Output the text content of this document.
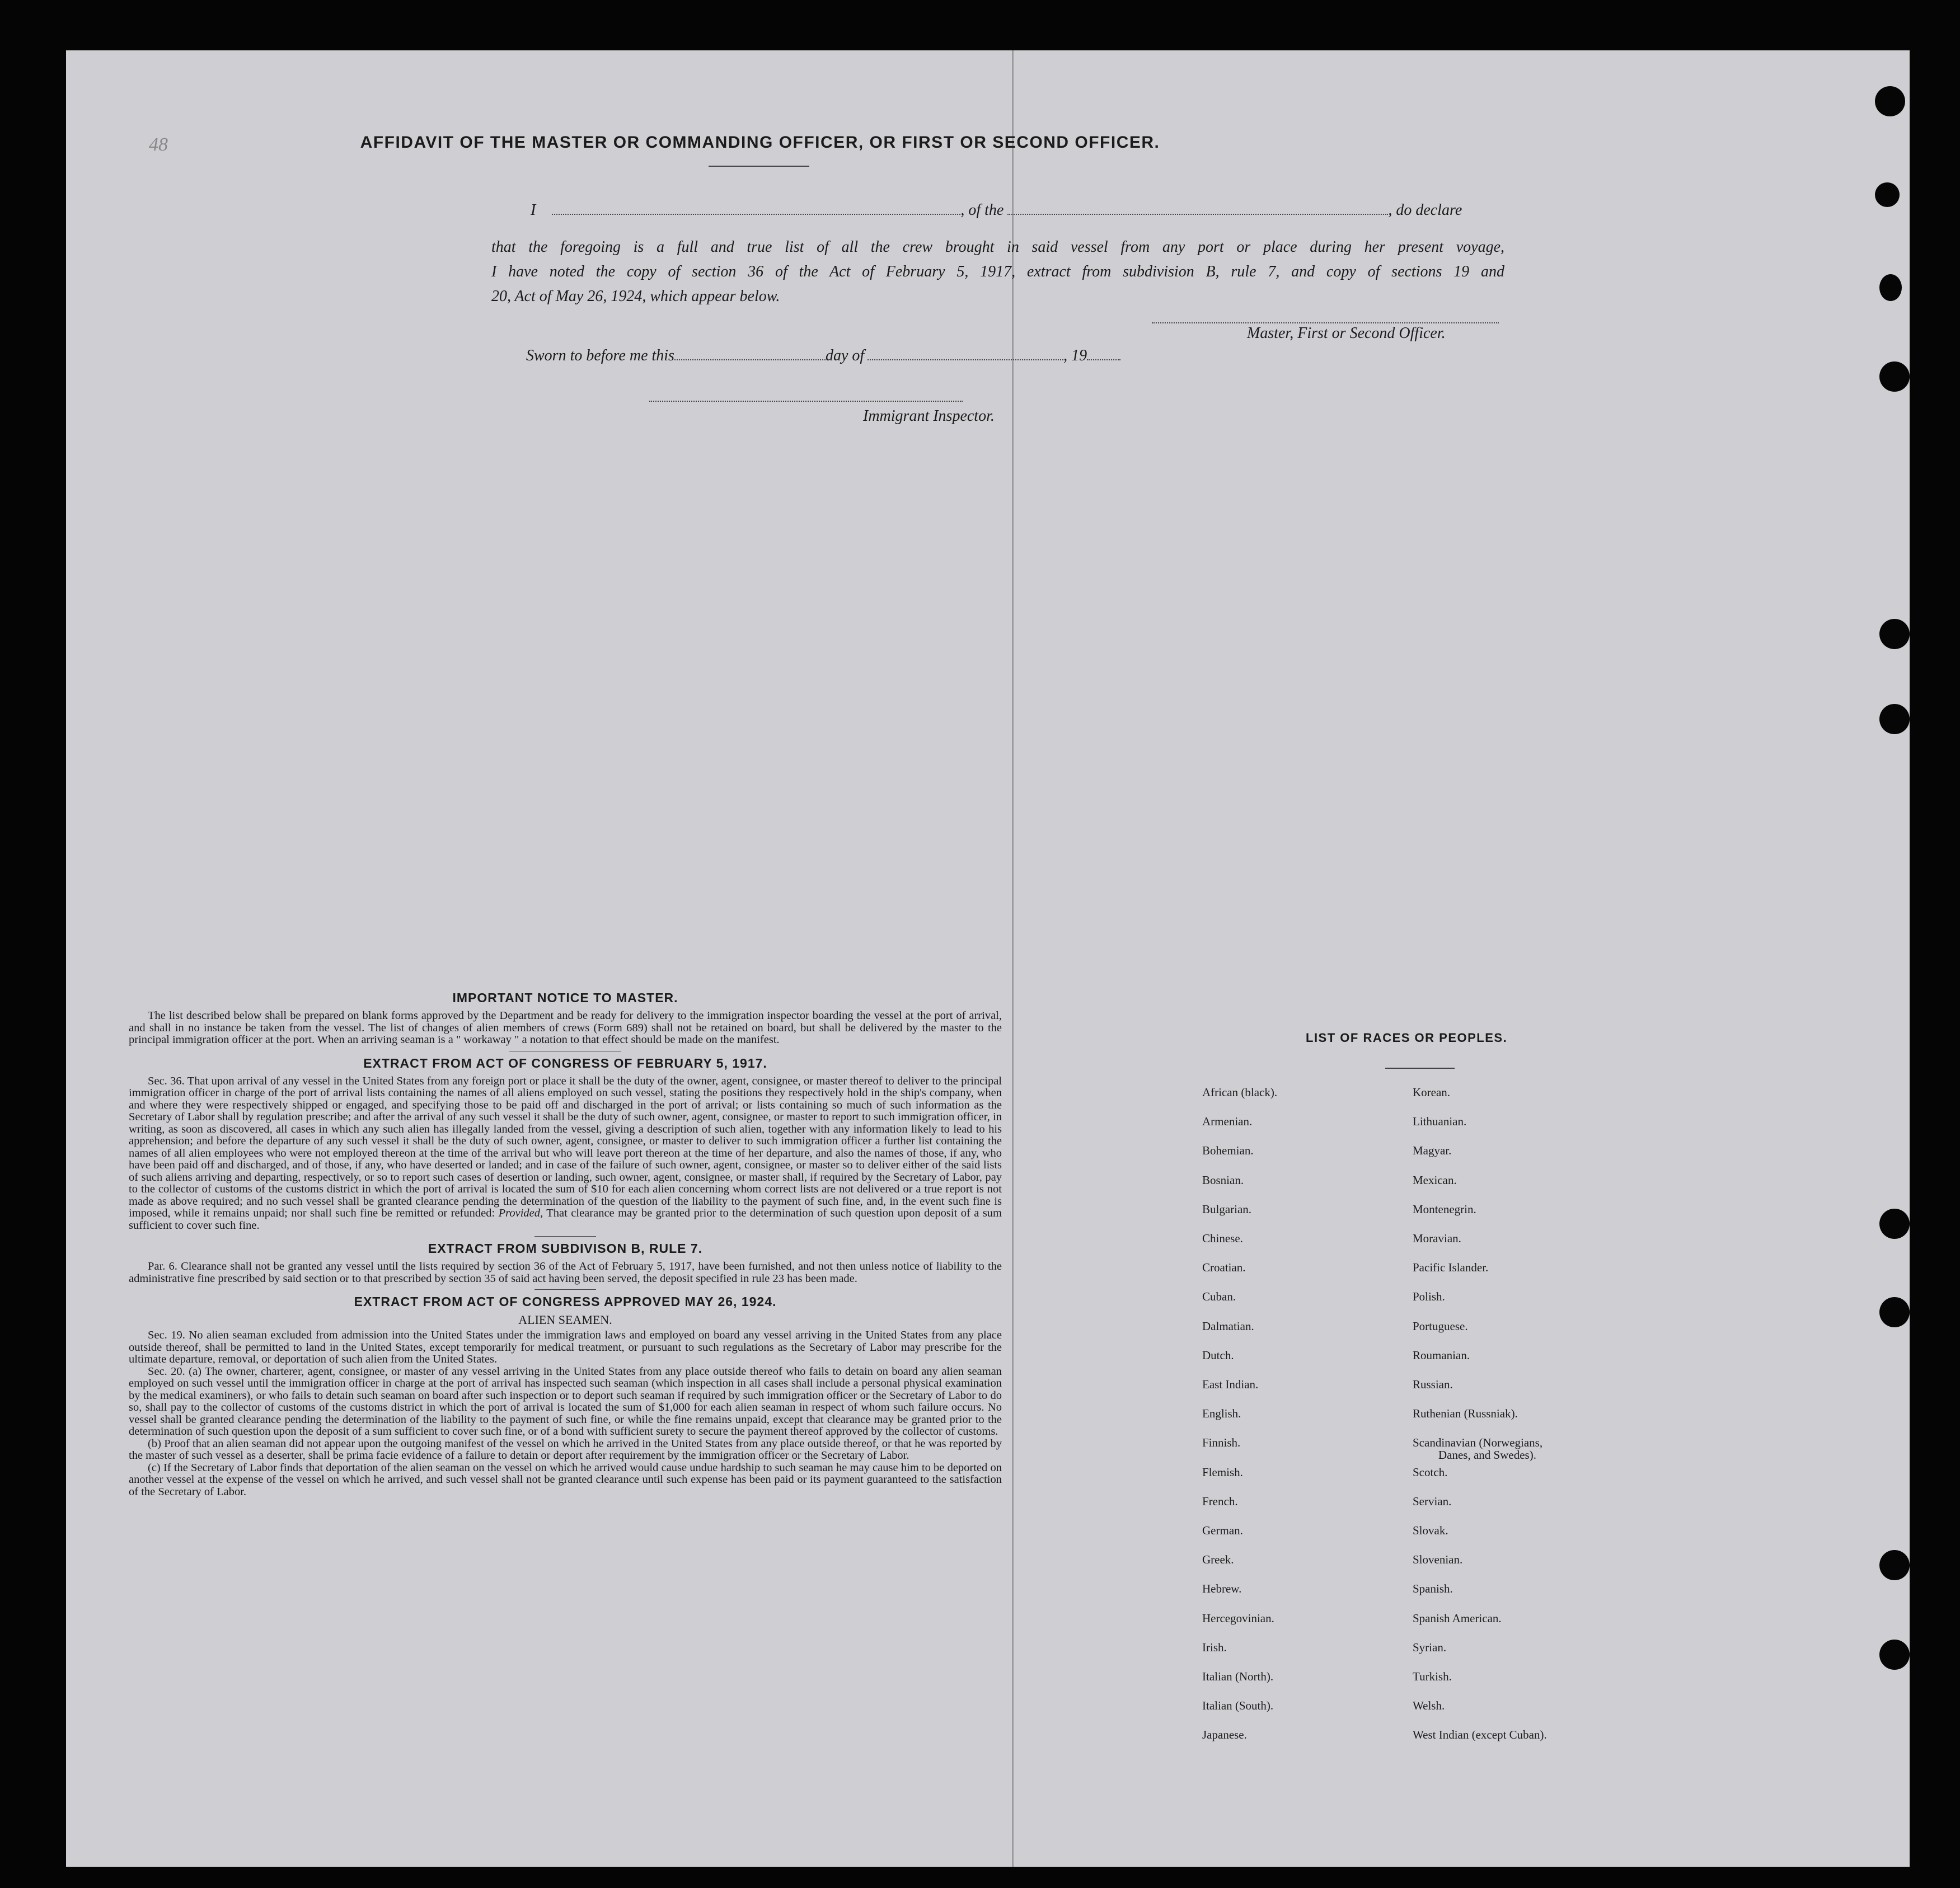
48	AFFIDAVIT OF THE MASTER OR COMMANDING OFFICER, OR FIRST OR SECOND OFFICER.
I	, of the	, do declare

that the foregoing is a full and true list of all the crew brought in said vessel from any port or place during her present voyage,

I have noted the copy of section 36 of the Act of February 5, 1917, extract from subdivision B, rule 7, and copy of sections 19 and

20, Act of May 26, 1924, which appear below.

Master, First or Second Officer.
Sworn to before me this	day of	, 19
Immigrant Inspector.
IMPORTANT NOTICE TO MASTER.

The list described below shall be prepared on blank forms approved by the Department and be ready for delivery to the immigration inspector boarding the vessel at the port of arrival, and shall in no instance be taken from the vessel. The list of changes of alien members of crews (Form 689) shall not be retained on board, but shall be delivered by the master to the principal immigration officer at the port. When an arriving seaman is a " workaway " a notation to that effect should be made on the manifest.

EXTRACT FROM ACT OF CONGRESS OF FEBRUARY 5, 1917.

Sec. 36. That upon arrival of any vessel in the United States from any foreign port or place it shall be the duty of the owner, agent, consignee, or master thereof to deliver to the principal immigration officer in charge of the port of arrival lists containing the names of all aliens employed on such vessel, stating the positions they respectively hold in the ship's company, when and where they were respectively shipped or engaged, and specifying those to be paid off and discharged in the port of arrival; or lists containing so much of such information as the Secretary of Labor shall by regulation prescribe; and after the arrival of any such vessel it shall be the duty of such owner, agent, consignee, or master to report to such immigration officer, in writing, as soon as discovered, all cases in which any such alien has illegally landed from the vessel, giving a description of such alien, together with any information likely to lead to his apprehension; and before the departure of any such vessel it shall be the duty of such owner, agent, consignee, or master to deliver to such immigration officer a further list containing the names of all alien employees who were not employed thereon at the time of the arrival but who will leave port thereon at the time of her departure, and also the names of those, if any, who have been paid off and discharged, and of those, if any, who have deserted or landed; and in case of the failure of such owner, agent, consignee, or master so to deliver either of the said lists of such aliens arriving and departing, respectively, or so to report such cases of desertion or landing, such owner, agent, consignee, or master shall, if required by the Secretary of Labor, pay to the collector of customs of the customs district in which the port of arrival is located the sum of $10 for each alien concerning whom correct lists are not delivered or a true report is not made as above required; and no such vessel shall be granted clearance pending the determination of the question of the liability to the payment of such fine, and, in the event such fine is imposed, while it remains unpaid; nor shall such fine be remitted or refunded: Provided, That clearance may be granted prior to the determination of such question upon deposit of a sum sufficient to cover such fine.

EXTRACT FROM SUBDIVISON B, RULE 7.

Par. 6. Clearance shall not be granted any vessel until the lists required by section 36 of the Act of February 5, 1917, have been furnished, and not then unless notice of liability to the administrative fine prescribed by said section or to that prescribed by section 35 of said act having been served, the deposit specified in rule 23 has been made.

EXTRACT FROM ACT OF CONGRESS APPROVED MAY 26, 1924.
ALIEN SEAMEN.

Sec. 19. No alien seaman excluded from admission into the United States under the immigration laws and employed on board any vessel arriving in the United States from any place outside thereof, shall be permitted to land in the United States, except temporarily for medical treatment, or pursuant to such regulations as the Secretary of Labor may prescribe for the ultimate departure, removal, or deportation of such alien from the United States.

Sec. 20. (a) The owner, charterer, agent, consignee, or master of any vessel arriving in the United States from any place outside thereof who fails to detain on board any alien seaman employed on such vessel until the immigration officer in charge at the port of arrival has inspected such seaman (which inspection in all cases shall include a personal physical examination by the medical examiners), or who fails to detain such seaman on board after such inspection or to deport such seaman if required by such immigration officer or the Secretary of Labor to do so, shall pay to the collector of customs of the customs district in which the port of arrival is located the sum of $1,000 for each alien seaman in respect of whom such failure occurs. No vessel shall be granted clearance pending the determination of the liability to the payment of such fine, or while the fine remains unpaid, except that clearance may be granted prior to the determination of such question upon the deposit of a sum sufficient to cover such fine, or of a bond with sufficient surety to secure the payment thereof approved by the collector of customs.

(b) Proof that an alien seaman did not appear upon the outgoing manifest of the vessel on which he arrived in the United States from any place outside thereof, or that he was reported by the master of such vessel as a deserter, shall be prima facie evidence of a failure to detain or deport after requirement by the immigration officer or the Secretary of Labor.

(c) If the Secretary of Labor finds that deportation of the alien seaman on the vessel on which he arrived would cause undue hardship to such seaman he may cause him to be deported on another vessel at the expense of the vessel on which he arrived, and such vessel shall not be granted clearance until such expense has been paid or its payment guaranteed to the satisfaction of the Secretary of Labor.

LIST OF RACES OR PEOPLES.
African (black).
Armenian.
Bohemian.
Bosnian.
Bulgarian.
Chinese.
Croatian.
Cuban.
Dalmatian.
Dutch.
East Indian.
English.
Finnish.
Flemish.
French.
German.
Greek.
Hebrew.
Hercegovinian.
Irish.
Italian (North).
Italian (South).
Japanese.
Korean.
Lithuanian.
Magyar.
Mexican.
Montenegrin.
Moravian.
Pacific Islander.
Polish.
Portuguese.
Roumanian.
Russian.
Ruthenian (Russniak).
Scandinavian (Norwegians,
Scotch.
Servian.
Slovak.
Slovenian.
Spanish.
Spanish American.
Syrian.
Turkish.
Welsh.
West Indian (except Cuban).
Danes, and Swedes).
